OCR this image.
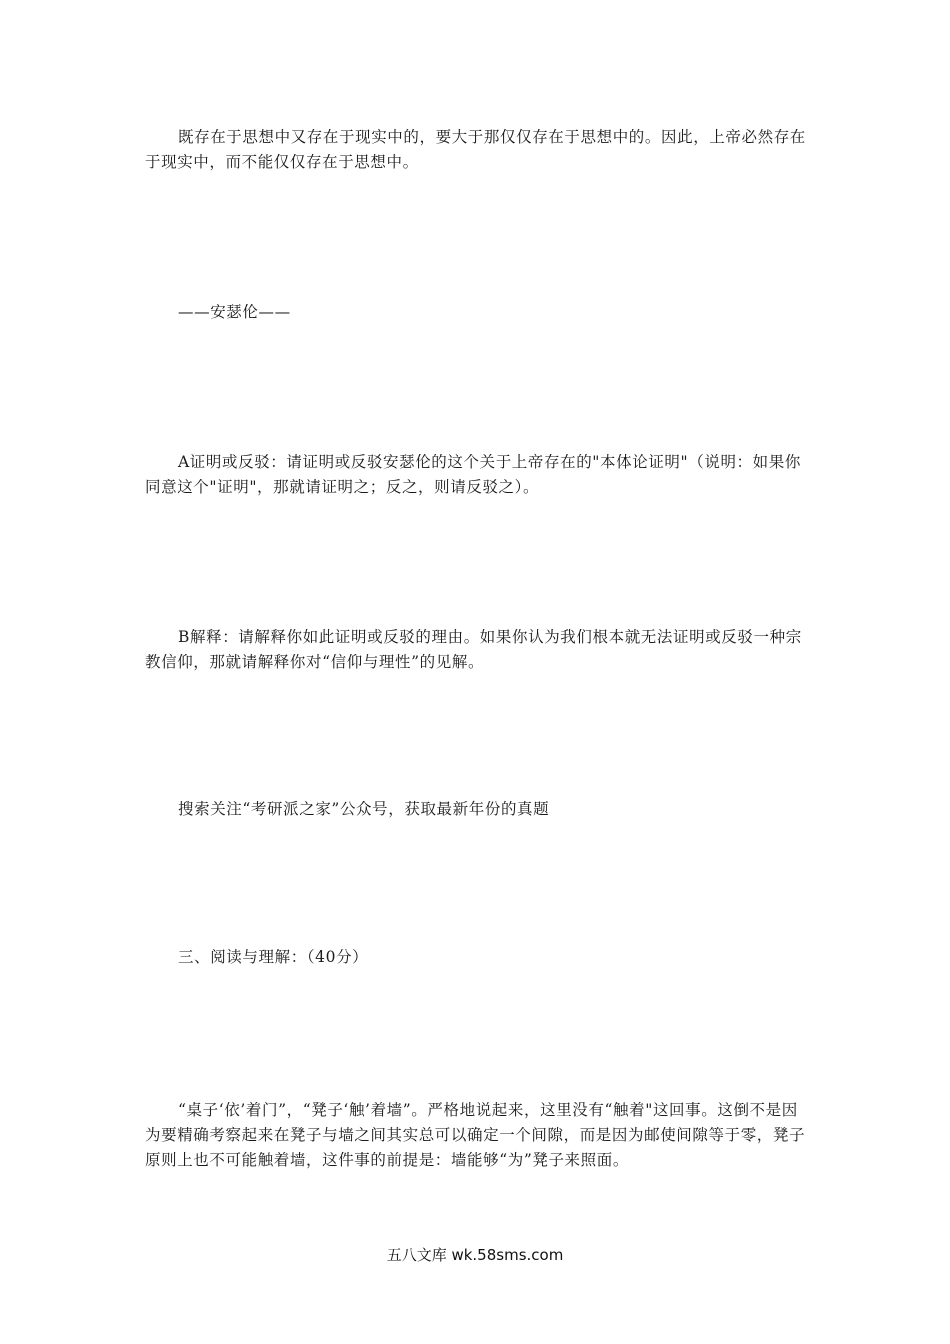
既存在于思想中又存在于现实中的，要大于那仅仅存在于思想中的。因此，上帝必然存在于现实中，而不能仅仅存在于思想中。

——安瑟伦——

A证明或反驳：请证明或反驳安瑟伦的这个关于上帝存在的"本体论证明"（说明：如果你同意这个"证明"，那就请证明之；反之，则请反驳之）。

B解释：请解释你如此证明或反驳的理由。如果你认为我们根本就无法证明或反驳一种宗教信仰，那就请解释你对“信仰与理性”的见解。

搜索关注“考研派之家”公众号，获取最新年份的真题

三、阅读与理解：（40分）

“桌子‘依’着门”，“凳子‘触’着墙”。严格地说起来，这里没有“触着"这回事。这倒不是因为要精确考察起来在凳子与墙之间其实总可以确定一个间隙，而是因为邮使间隙等于零，凳子原则上也不可能触着墙，这件事的前提是：墙能够“为”凳子来照面。

五八文库 wk.58sms.com
